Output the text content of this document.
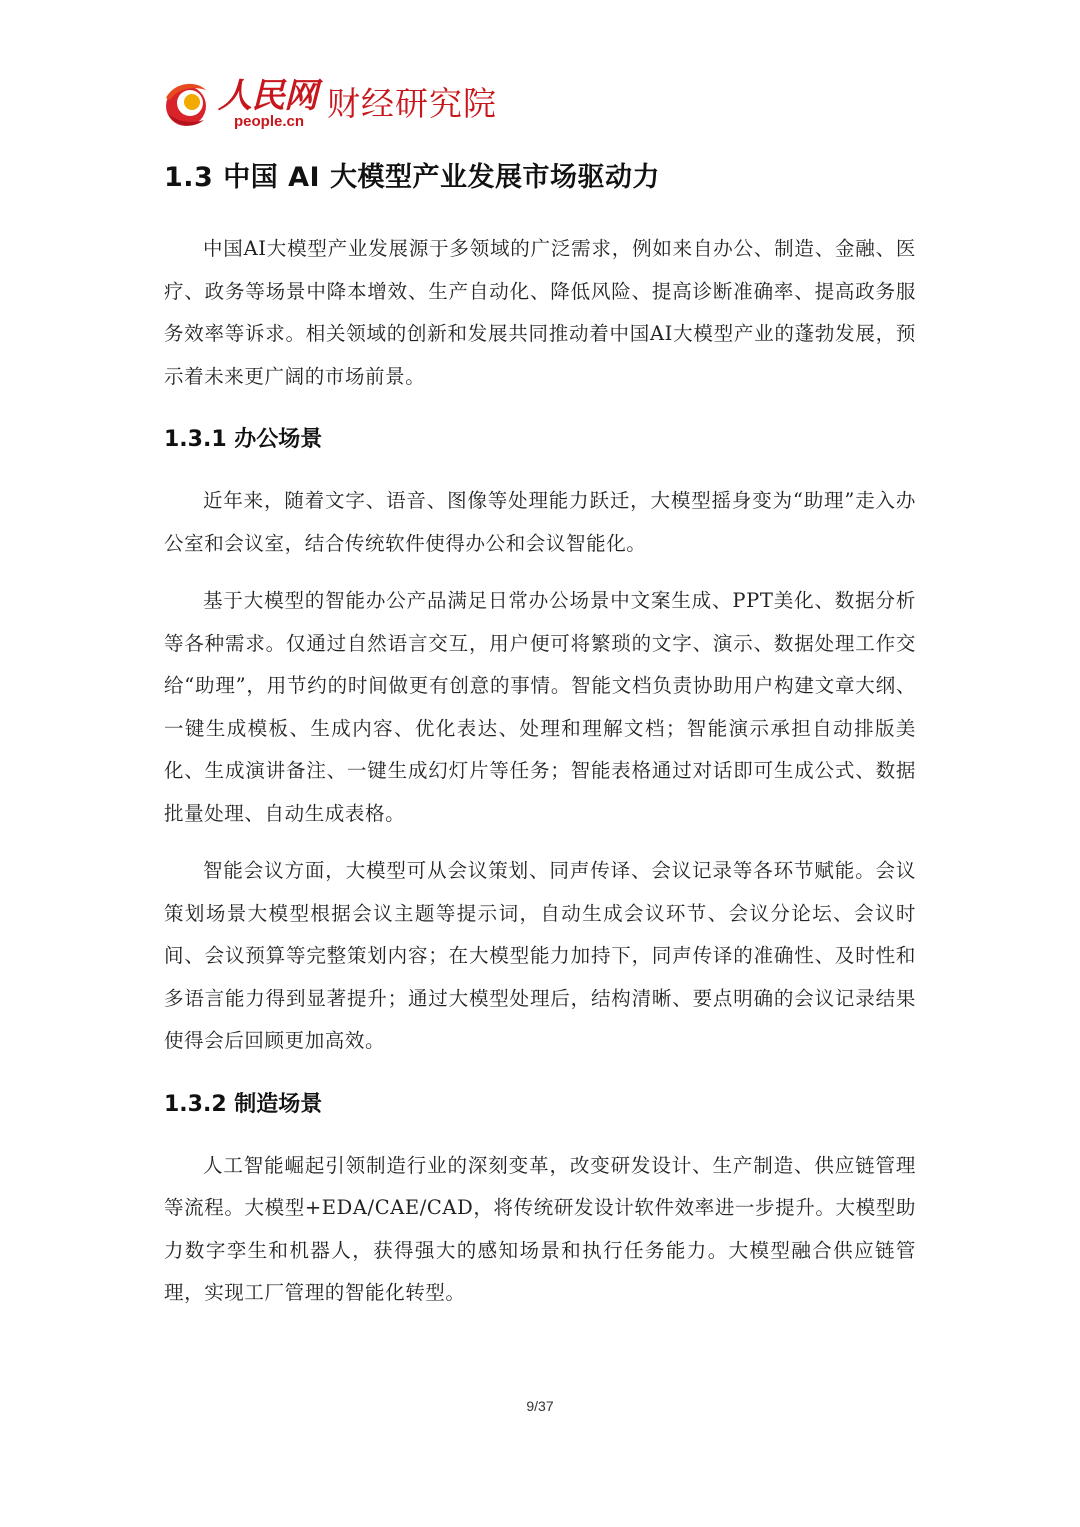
人民网
people.cn 财经研究院
1.3 中国 AI 大模型产业发展市场驱动力

中国AI大模型产业发展源于多领域的广泛需求，例如来自办公、制造、金融、医疗、政务等场景中降本增效、生产自动化、降低风险、提高诊断准确率、提高政务服务效率等诉求。相关领域的创新和发展共同推动着中国AI大模型产业的蓬勃发展，预示着未来更广阔的市场前景。

1.3.1 办公场景

近年来，随着文字、语音、图像等处理能力跃迁，大模型摇身变为“助理”走入办公室和会议室，结合传统软件使得办公和会议智能化。

基于大模型的智能办公产品满足日常办公场景中文案生成、PPT美化、数据分析等各种需求。仅通过自然语言交互，用户便可将繁琐的文字、演示、数据处理工作交给“助理”，用节约的时间做更有创意的事情。智能文档负责协助用户构建文章大纲、一键生成模板、生成内容、优化表达、处理和理解文档；智能演示承担自动排版美化、生成演讲备注、一键生成幻灯片等任务；智能表格通过对话即可生成公式、数据批量处理、自动生成表格。

智能会议方面，大模型可从会议策划、同声传译、会议记录等各环节赋能。会议策划场景大模型根据会议主题等提示词，自动生成会议环节、会议分论坛、会议时间、会议预算等完整策划内容；在大模型能力加持下，同声传译的准确性、及时性和多语言能力得到显著提升；通过大模型处理后，结构清晰、要点明确的会议记录结果使得会后回顾更加高效。

1.3.2 制造场景

人工智能崛起引领制造行业的深刻变革，改变研发设计、生产制造、供应链管理等流程。大模型+EDA/CAE/CAD，将传统研发设计软件效率进一步提升。大模型助力数字孪生和机器人，获得强大的感知场景和执行任务能力。大模型融合供应链管理，实现工厂管理的智能化转型。

9/37
